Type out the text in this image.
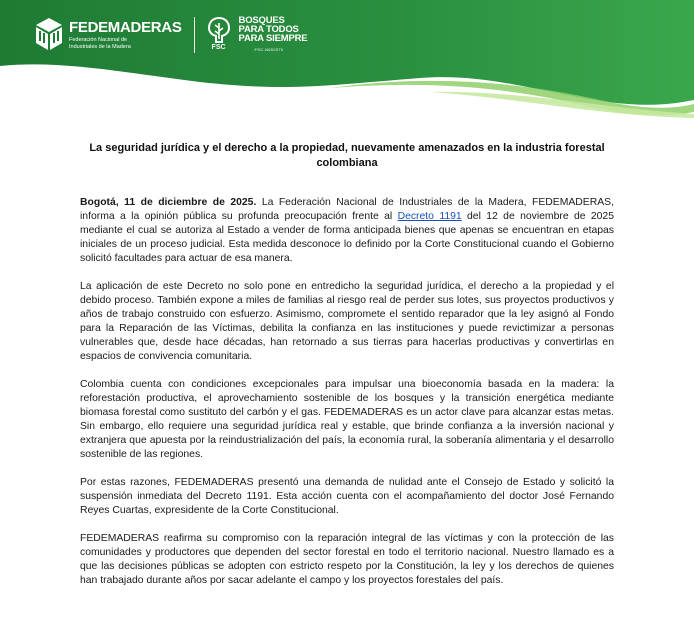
FEDEMADERAS
Federación Nacional de Industriales de la Madera	FSC
BOSQUES
PARA TODOS
PARA SIEMPRE
FSC-N002070
La seguridad jurídica y el derecho a la propiedad, nuevamente amenazados en la industria forestal colombiana

Bogotá, 11 de diciembre de 2025. La Federación Nacional de Industriales de la Madera, FEDEMADERAS, informa a la opinión pública su profunda preocupación frente al Decreto 1191 del 12 de noviembre de 2025 mediante el cual se autoriza al Estado a vender de forma anticipada bienes que apenas se encuentran en etapas iniciales de un proceso judicial. Esta medida desconoce lo definido por la Corte Constitucional cuando el Gobierno solicitó facultades para actuar de esa manera.

La aplicación de este Decreto no solo pone en entredicho la seguridad jurídica, el derecho a la propiedad y el debido proceso. También expone a miles de familias al riesgo real de perder sus lotes, sus proyectos productivos y años de trabajo construido con esfuerzo. Asimismo, compromete el sentido reparador que la ley asignó al Fondo para la Reparación de las Víctimas, debilita la confianza en las instituciones y puede revictimizar a personas vulnerables que, desde hace décadas, han retornado a sus tierras para hacerlas productivas y convertirlas en espacios de convivencia comunitaria.

Colombia cuenta con condiciones excepcionales para impulsar una bioeconomía basada en la madera: la reforestación productiva, el aprovechamiento sostenible de los bosques y la transición energética mediante biomasa forestal como sustituto del carbón y el gas. FEDEMADERAS es un actor clave para alcanzar estas metas. Sin embargo, ello requiere una seguridad jurídica real y estable, que brinde confianza a la inversión nacional y extranjera que apuesta por la reindustrialización del país, la economía rural, la soberanía alimentaria y el desarrollo sostenible de las regiones.

Por estas razones, FEDEMADERAS presentó una demanda de nulidad ante el Consejo de Estado y solicitó la suspensión inmediata del Decreto 1191. Esta acción cuenta con el acompañamiento del doctor José Fernando Reyes Cuartas, expresidente de la Corte Constitucional.

FEDEMADERAS reafirma su compromiso con la reparación integral de las víctimas y con la protección de las comunidades y productores que dependen del sector forestal en todo el territorio nacional. Nuestro llamado es a que las decisiones públicas se adopten con estricto respeto por la Constitución, la ley y los derechos de quienes han trabajado durante años por sacar adelante el campo y los proyectos forestales del país.
